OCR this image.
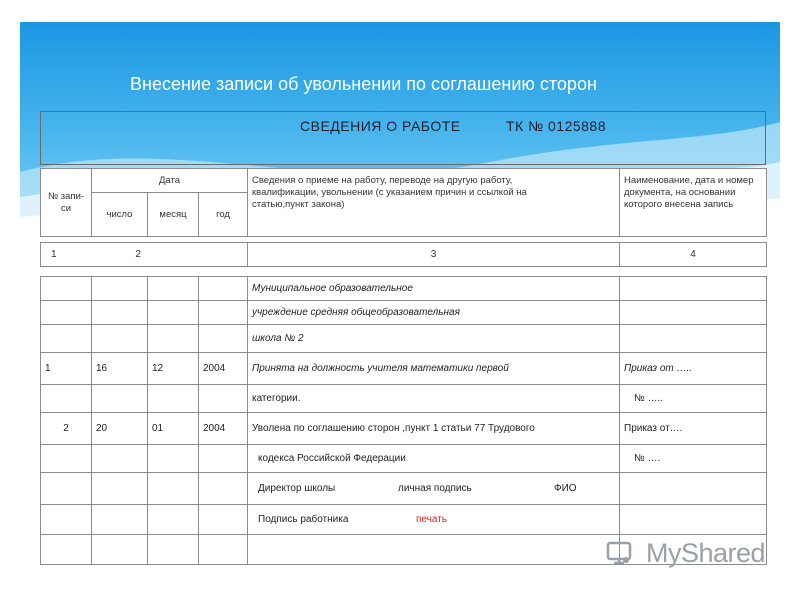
Внесение записи об увольнении по соглашению сторон
СВЕДЕНИЯ О РАБОТЕ	ТК № 0125888
№ запи-си	Дата			Сведения о приеме на работу, переводе на другую работу,
квалификации, увольнении (с указанием причин и ссылкой на
статью,пункт закона)	Наименование, дата и номер документа, на основании которого внесена запись
	число	месяц	год		
1	2	3	4
				Муниципальное образовательное	
				учреждение средняя общеобразовательная	
				школа № 2	
1	16	12	2004	Принята на должность учителя математики первой	Приказ от …..
				категории.	№ …..
2	20	01	2004	Уволена по соглашению сторон ,пункт 1 статьи 77 Трудового	Приказ от….
				кодекса Российской Федерации	№ ….
				Директор школы личная подпись ФИО	
				Подпись работника печать	

MyShared
